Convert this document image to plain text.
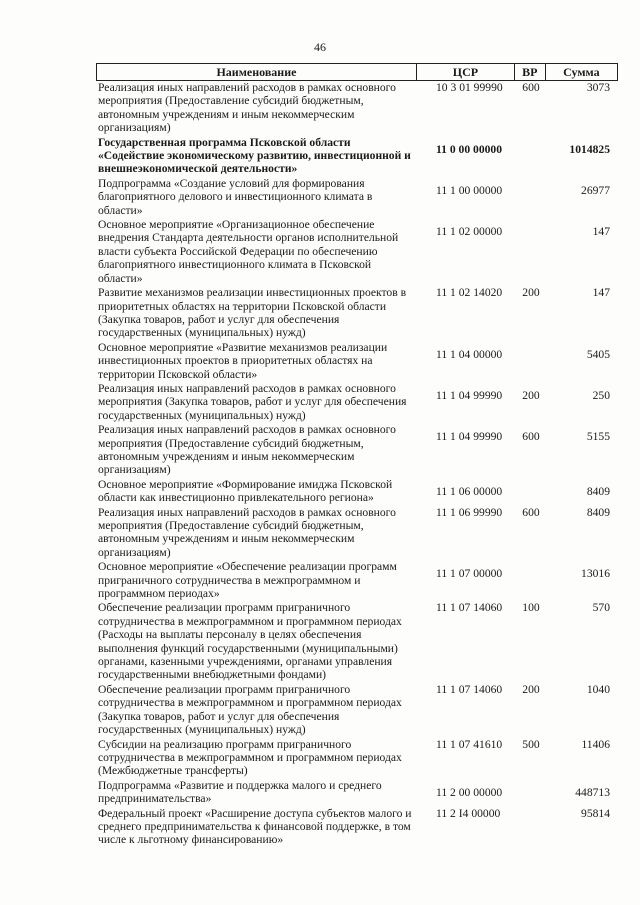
46
Наименование	ЦСР	ВР	Сумма
Реализация иных направлений расходов в рамках основного мероприятия (Предоставление субсидий бюджетным, автономным учреждениям и иным некоммерческим организациям)
10 3 01 99990	600	3073
Государственная программа Псковской области «Содействие экономическому развитию, инвестиционной и внешнеэкономической деятельности»
11 0 00 00000	1014825
Подпрограмма «Создание условий для формирования благоприятного делового и инвестиционного климата в области»
11 1 00 00000	26977
Основное мероприятие «Организационное обеспечение внедрения Стандарта деятельности органов исполнительной власти субъекта Российской Федерации по обеспечению благоприятного инвестиционного климата в Псковской области»
11 1 02 00000	147
Развитие механизмов реализации инвестиционных проектов в приоритетных областях на территории Псковской области (Закупка товаров, работ и услуг для обеспечения государственных (муниципальных) нужд)
11 1 02 14020	200	147
Основное мероприятие «Развитие механизмов реализации инвестиционных проектов в приоритетных областях на территории Псковской области»
11 1 04 00000	5405
Реализация иных направлений расходов в рамках основного мероприятия (Закупка товаров, работ и услуг для обеспечения государственных (муниципальных) нужд)
11 1 04 99990	200	250
Реализация иных направлений расходов в рамках основного мероприятия (Предоставление субсидий бюджетным, автономным учреждениям и иным некоммерческим организациям)
11 1 04 99990	600	5155
Основное мероприятие «Формирование имиджа Псковской области как инвестиционно привлекательного региона»	11 1 06 00000	8409
Реализация иных направлений расходов в рамках основного мероприятия (Предоставление субсидий бюджетным, автономным учреждениям и иным некоммерческим организациям)
11 1 06 99990	600	8409
Основное мероприятие «Обеспечение реализации программ приграничного сотрудничества в межпрограммном и программном периодах»
11 1 07 00000	13016
Обеспечение реализации программ приграничного сотрудничества в межпрограммном и программном периодах (Расходы на выплаты персоналу в целях обеспечения выполнения функций государственными (муниципальными) органами, казенными учреждениями, органами управления государственными внебюджетными фондами)
11 1 07 14060	100	570
Обеспечение реализации программ приграничного сотрудничества в межпрограммном и программном периодах (Закупка товаров, работ и услуг для обеспечения государственных (муниципальных) нужд)
11 1 07 14060	200	1040
Субсидии на реализацию программ приграничного сотрудничества в межпрограммном и программном периодах (Межбюджетные трансферты)
11 1 07 41610	500	11406
Подпрограмма «Развитие и поддержка малого и среднего предпринимательства»	11 2 00 00000	448713
Федеральный проект «Расширение доступа субъектов малого и среднего предпринимательства к финансовой поддержке, в том числе к льготному финансированию»
11 2 I4 00000	95814
